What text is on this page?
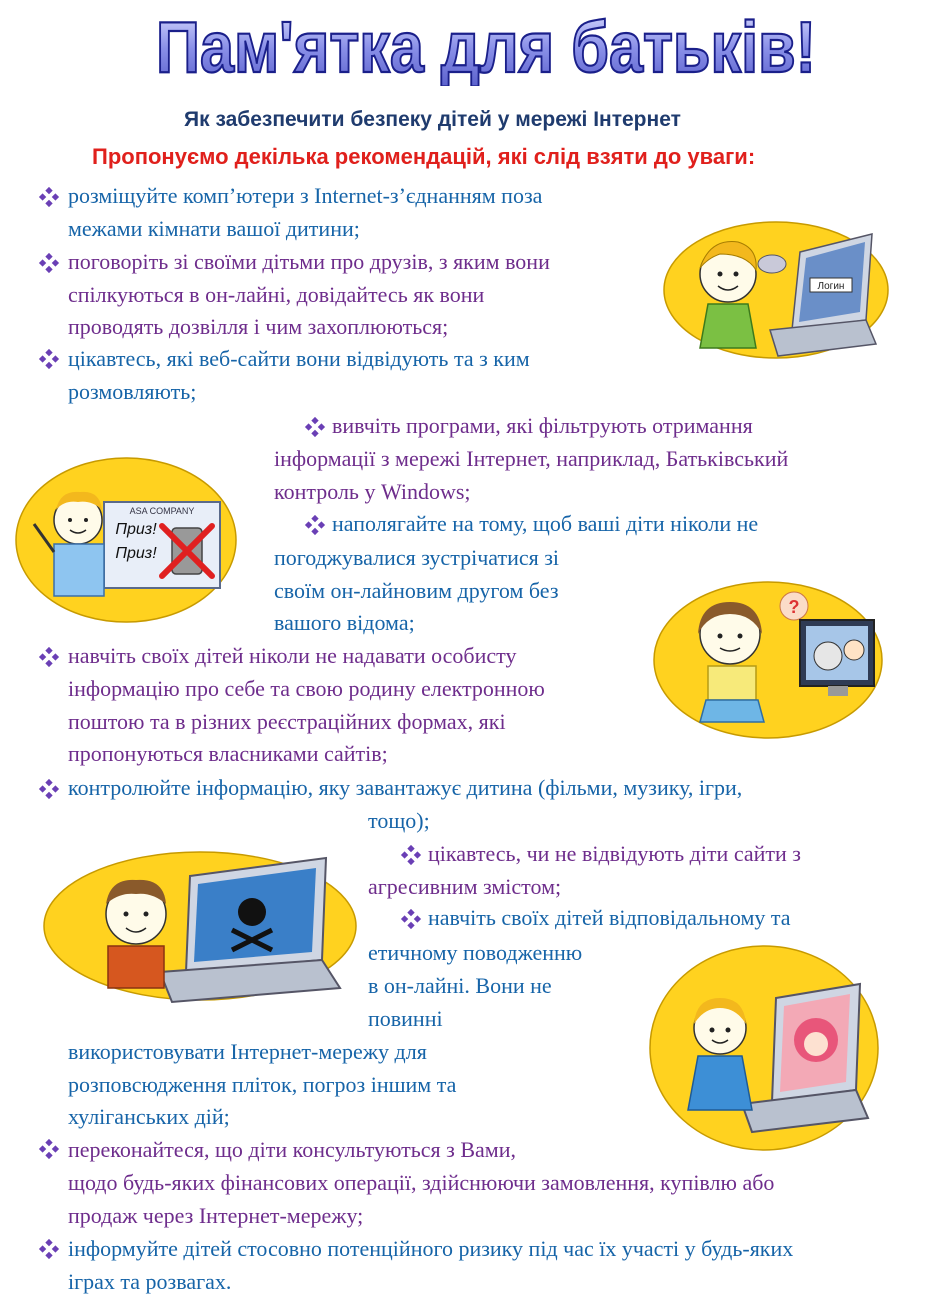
Пам'ятка для батьків!
Як забезпечити безпеку дітей у мережі Інтернет
Пропонуємо декілька рекомендацій, які слід взяти до уваги:
розміщуйте комп’ютери з Internet-з’єднанням поза
межами кімнати вашої дитини;
поговоріть зі своїми дітьми про друзів, з яким вони
спілкуються в он-лайні, довідайтесь як вони
проводять дозвілля і чим захоплюються;
цікавтесь, які веб-сайти вони відвідують та з ким
розмовляють;
вивчіть програми, які фільтрують отримання
інформації з мережі Інтернет, наприклад, Батьківський
контроль у Windows;
наполягайте на тому, щоб ваші діти ніколи не
погоджувалися зустрічатися зі
своїм он-лайновим другом без
вашого відома;
навчіть своїх дітей ніколи не надавати особисту
інформацію про себе та свою родину електронною
поштою та в різних реєстраційних формах, які
пропонуються власниками сайтів;
контролюйте інформацію, яку завантажує дитина (фільми, музику, ігри,
тощо);
цікавтесь, чи не відвідують діти сайти з
агресивним змістом;
навчіть своїх дітей відповідальному та
етичному поводженню
в он-лайні. Вони не
повинні
використовувати Інтернет-мережу для
розповсюдження пліток, погроз іншим та
хуліганських дій;
переконайтеся, що діти консультуються з Вами,
щодо будь-яких фінансових операції, здійснюючи замовлення, купівлю або
продаж через Інтернет-мережу;
інформуйте дітей стосовно потенційного ризику під час їх участі у будь-яких
іграх та розвагах.
Логин
ASA COMPANY
Приз!
Приз!
?
